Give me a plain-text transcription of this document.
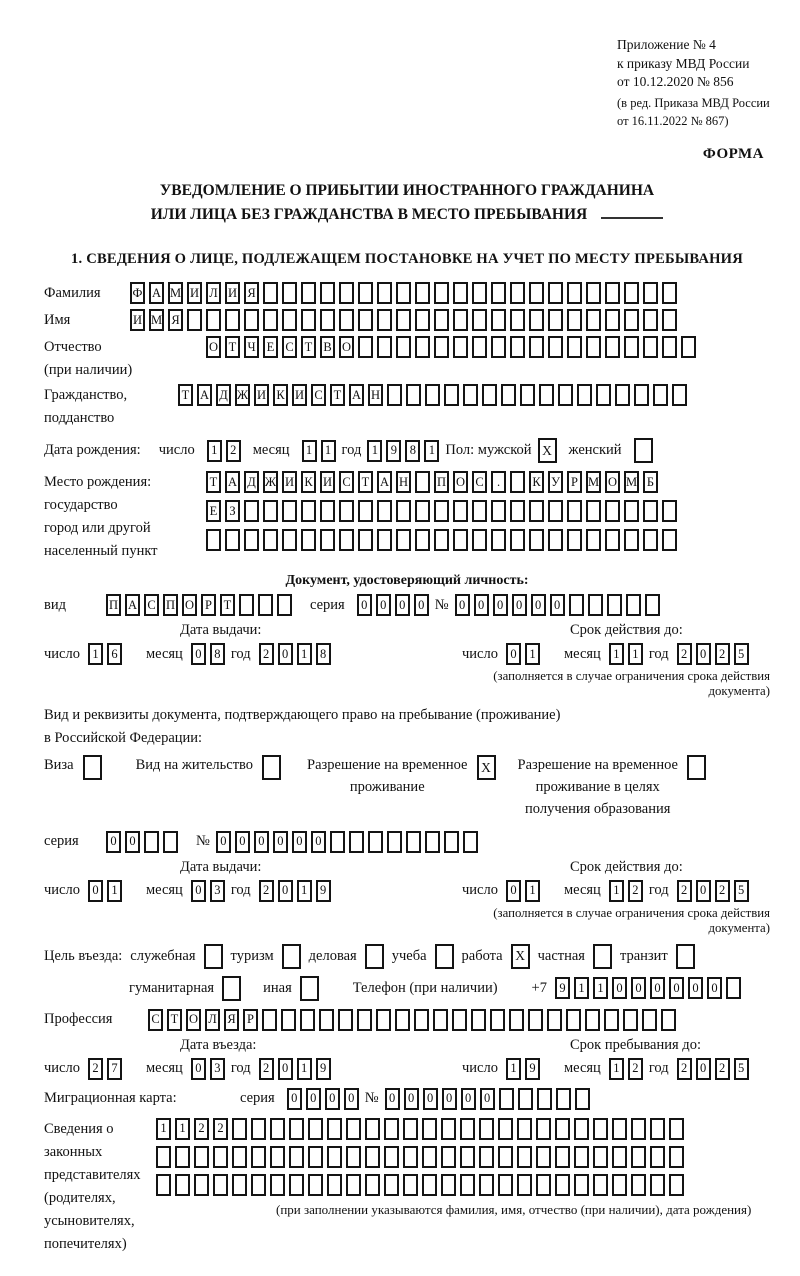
Приложение № 4
к приказу МВД России
от 10.12.2020 № 856
(в ред. Приказа МВД России
от 16.11.2022 № 867)
ФОРМА
УВЕДОМЛЕНИЕ О ПРИБЫТИИ ИНОСТРАННОГО ГРАЖДАНИНА
ИЛИ ЛИЦА БЕЗ ГРАЖДАНСТВА В МЕСТО ПРЕБЫВАНИЯ
1. СВЕДЕНИЯ О ЛИЦЕ, ПОДЛЕЖАЩЕМ ПОСТАНОВКЕ НА УЧЕТ ПО МЕСТУ ПРЕБЫВАНИЯ
Фамилия	Ф А М И Л И Я
Имя	И М Я
Отчество
(при наличии)
О Т Ч Е С Т В О
Гражданство,
подданство
Т А Д Ж И К И С Т А Н
Дата рождения: число	1	2	месяц	1	1 год 1	9	8	1 Пол: мужской X	женский
Место рождения:
государство
город или другой
населенный пункт
Т А Д Ж И К И С Т А Н П О С	.	К У Р М О М Б

Е З

Документ, удостоверяющий личность:
вид	П А С П О Р Т	серия	0	0	0	0 № 0	0	0	0	0	0
Дата выдачи:
число 1	6	месяц 0	8 год 2	0	1	8
Срок действия до:
число 0	1	месяц 1	1 год 2	0	2	5
(заполняется в случае ограничения срока действия документа)
Вид и реквизиты документа, подтверждающего право на пребывание (проживание)
в Российской Федерации:
Виза	Вид на жительство	Разрешение на временное
проживание
X	Разрешение на временное
проживание в целях
получения образования
серия	0	0	№ 0	0	0	0	0	0
Дата выдачи:
число 0	1	месяц 0	3 год 2	0	1	9
Срок действия до:
число 0	1	месяц 1	2 год 2	0	2	5
(заполняется в случае ограничения срока действия документа)
Цель въезда: служебная туризм деловая учеба работа X частная транзит
гуманитарная	иная	Телефон (при наличии) +7 9	1	1	0	0	0	0	0	0
Профессия	С Т О Л Я Р
Дата въезда:
число 2	7	месяц 0	3 год 2	0	1	9
Срок пребывания до:
число 1	9	месяц 1	2 год 2	0	2	5
Миграционная карта:	серия	0	0	0	0 № 0	0	0	0	0	0
Сведения о
законных
представителях
(родителях,
усыновителях,
попечителях)
1	1	2	2
(при заполнении указываются фамилия, имя, отчество (при наличии), дата рождения)
